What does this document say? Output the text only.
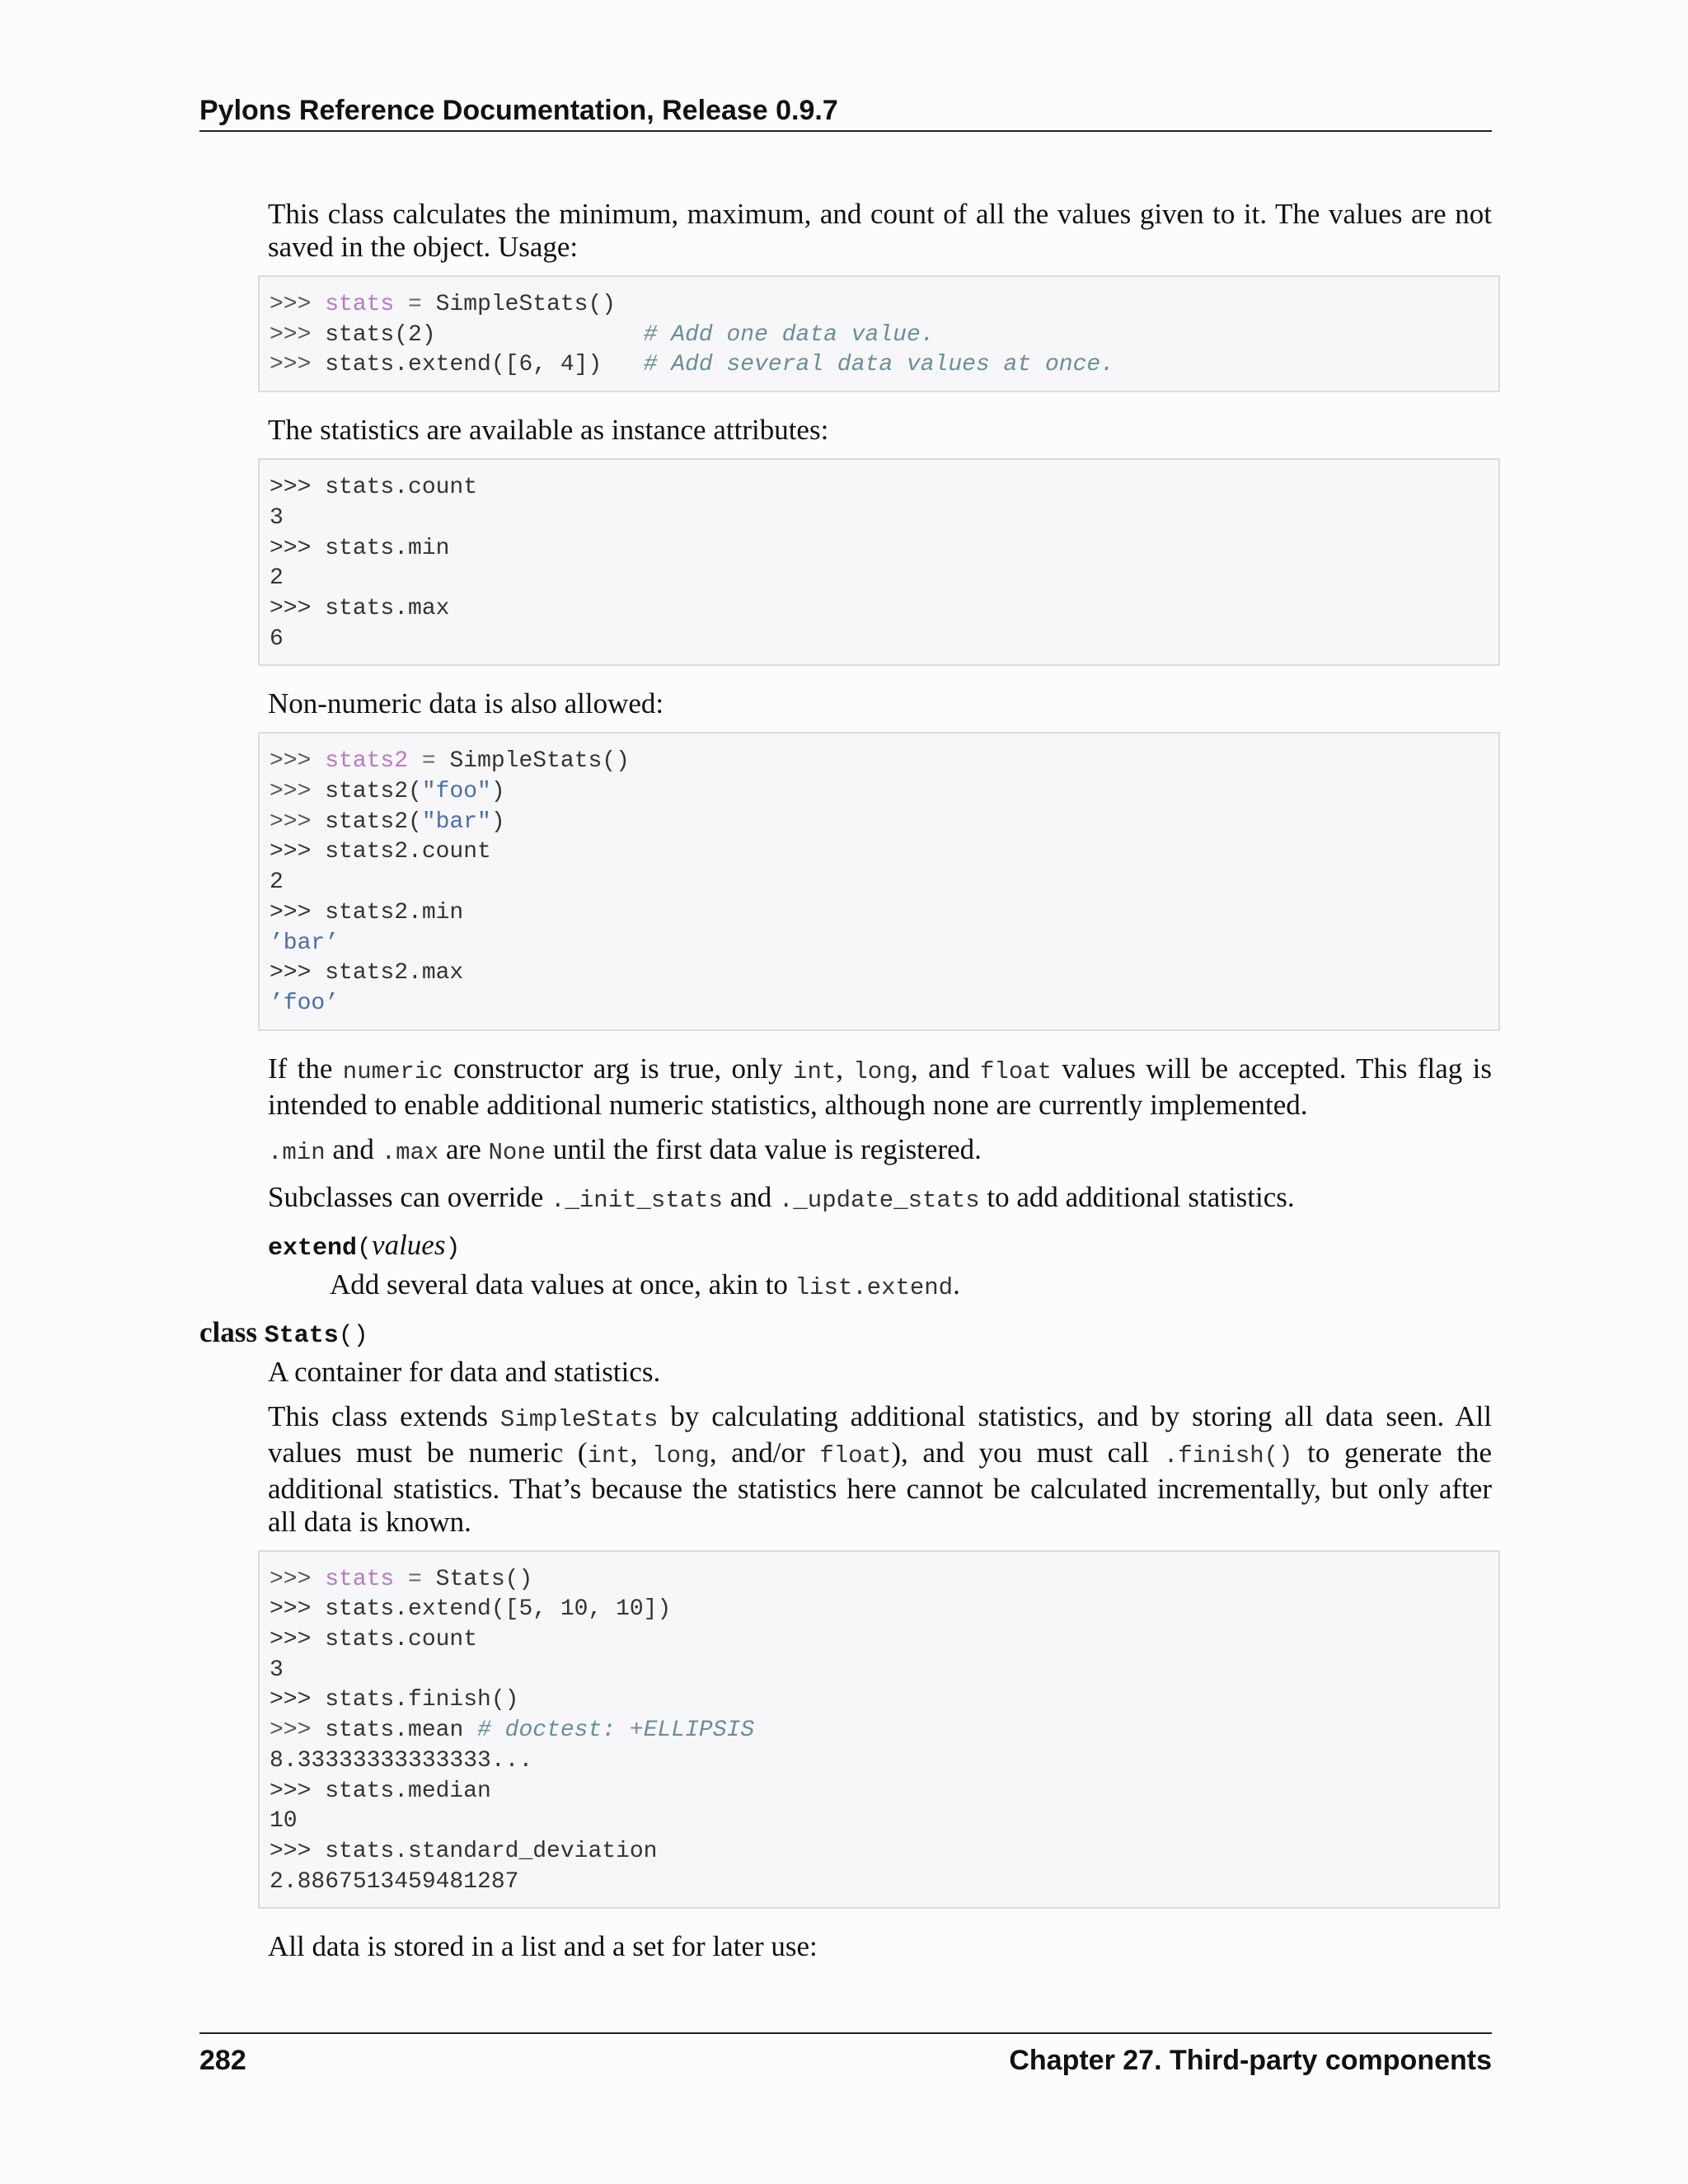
Pylons Reference Documentation, Release 0.9.7

This class calculates the minimum, maximum, and count of all the values given to it. The values are not saved in the object. Usage:

>>> stats = SimpleStats()
>>> stats(2)               # Add one data value.
>>> stats.extend([6, 4])   # Add several data values at once.

The statistics are available as instance attributes:

>>> stats.count
3
>>> stats.min
2
>>> stats.max
6

Non-numeric data is also allowed:

>>> stats2 = SimpleStats()
>>> stats2("foo")
>>> stats2("bar")
>>> stats2.count
2
>>> stats2.min
’bar’
>>> stats2.max
’foo’

If the numeric constructor arg is true, only int, long, and float values will be accepted. This flag is intended to enable additional numeric statistics, although none are currently implemented.

.min and .max are None until the first data value is registered.

Subclasses can override ._init_stats and ._update_stats to add additional statistics.

extend(values)

Add several data values at once, akin to list.extend.

class Stats()

A container for data and statistics.

This class extends SimpleStats by calculating additional statistics, and by storing all data seen. All values must be numeric (int, long, and/or float), and you must call .finish() to generate the additional statistics. That’s because the statistics here cannot be calculated incrementally, but only after all data is known.

>>> stats = Stats()
>>> stats.extend([5, 10, 10])
>>> stats.count
3
>>> stats.finish()
>>> stats.mean # doctest: +ELLIPSIS
8.33333333333333...
>>> stats.median
10
>>> stats.standard_deviation
2.8867513459481287

All data is stored in a list and a set for later use:

282	Chapter 27. Third-party components
